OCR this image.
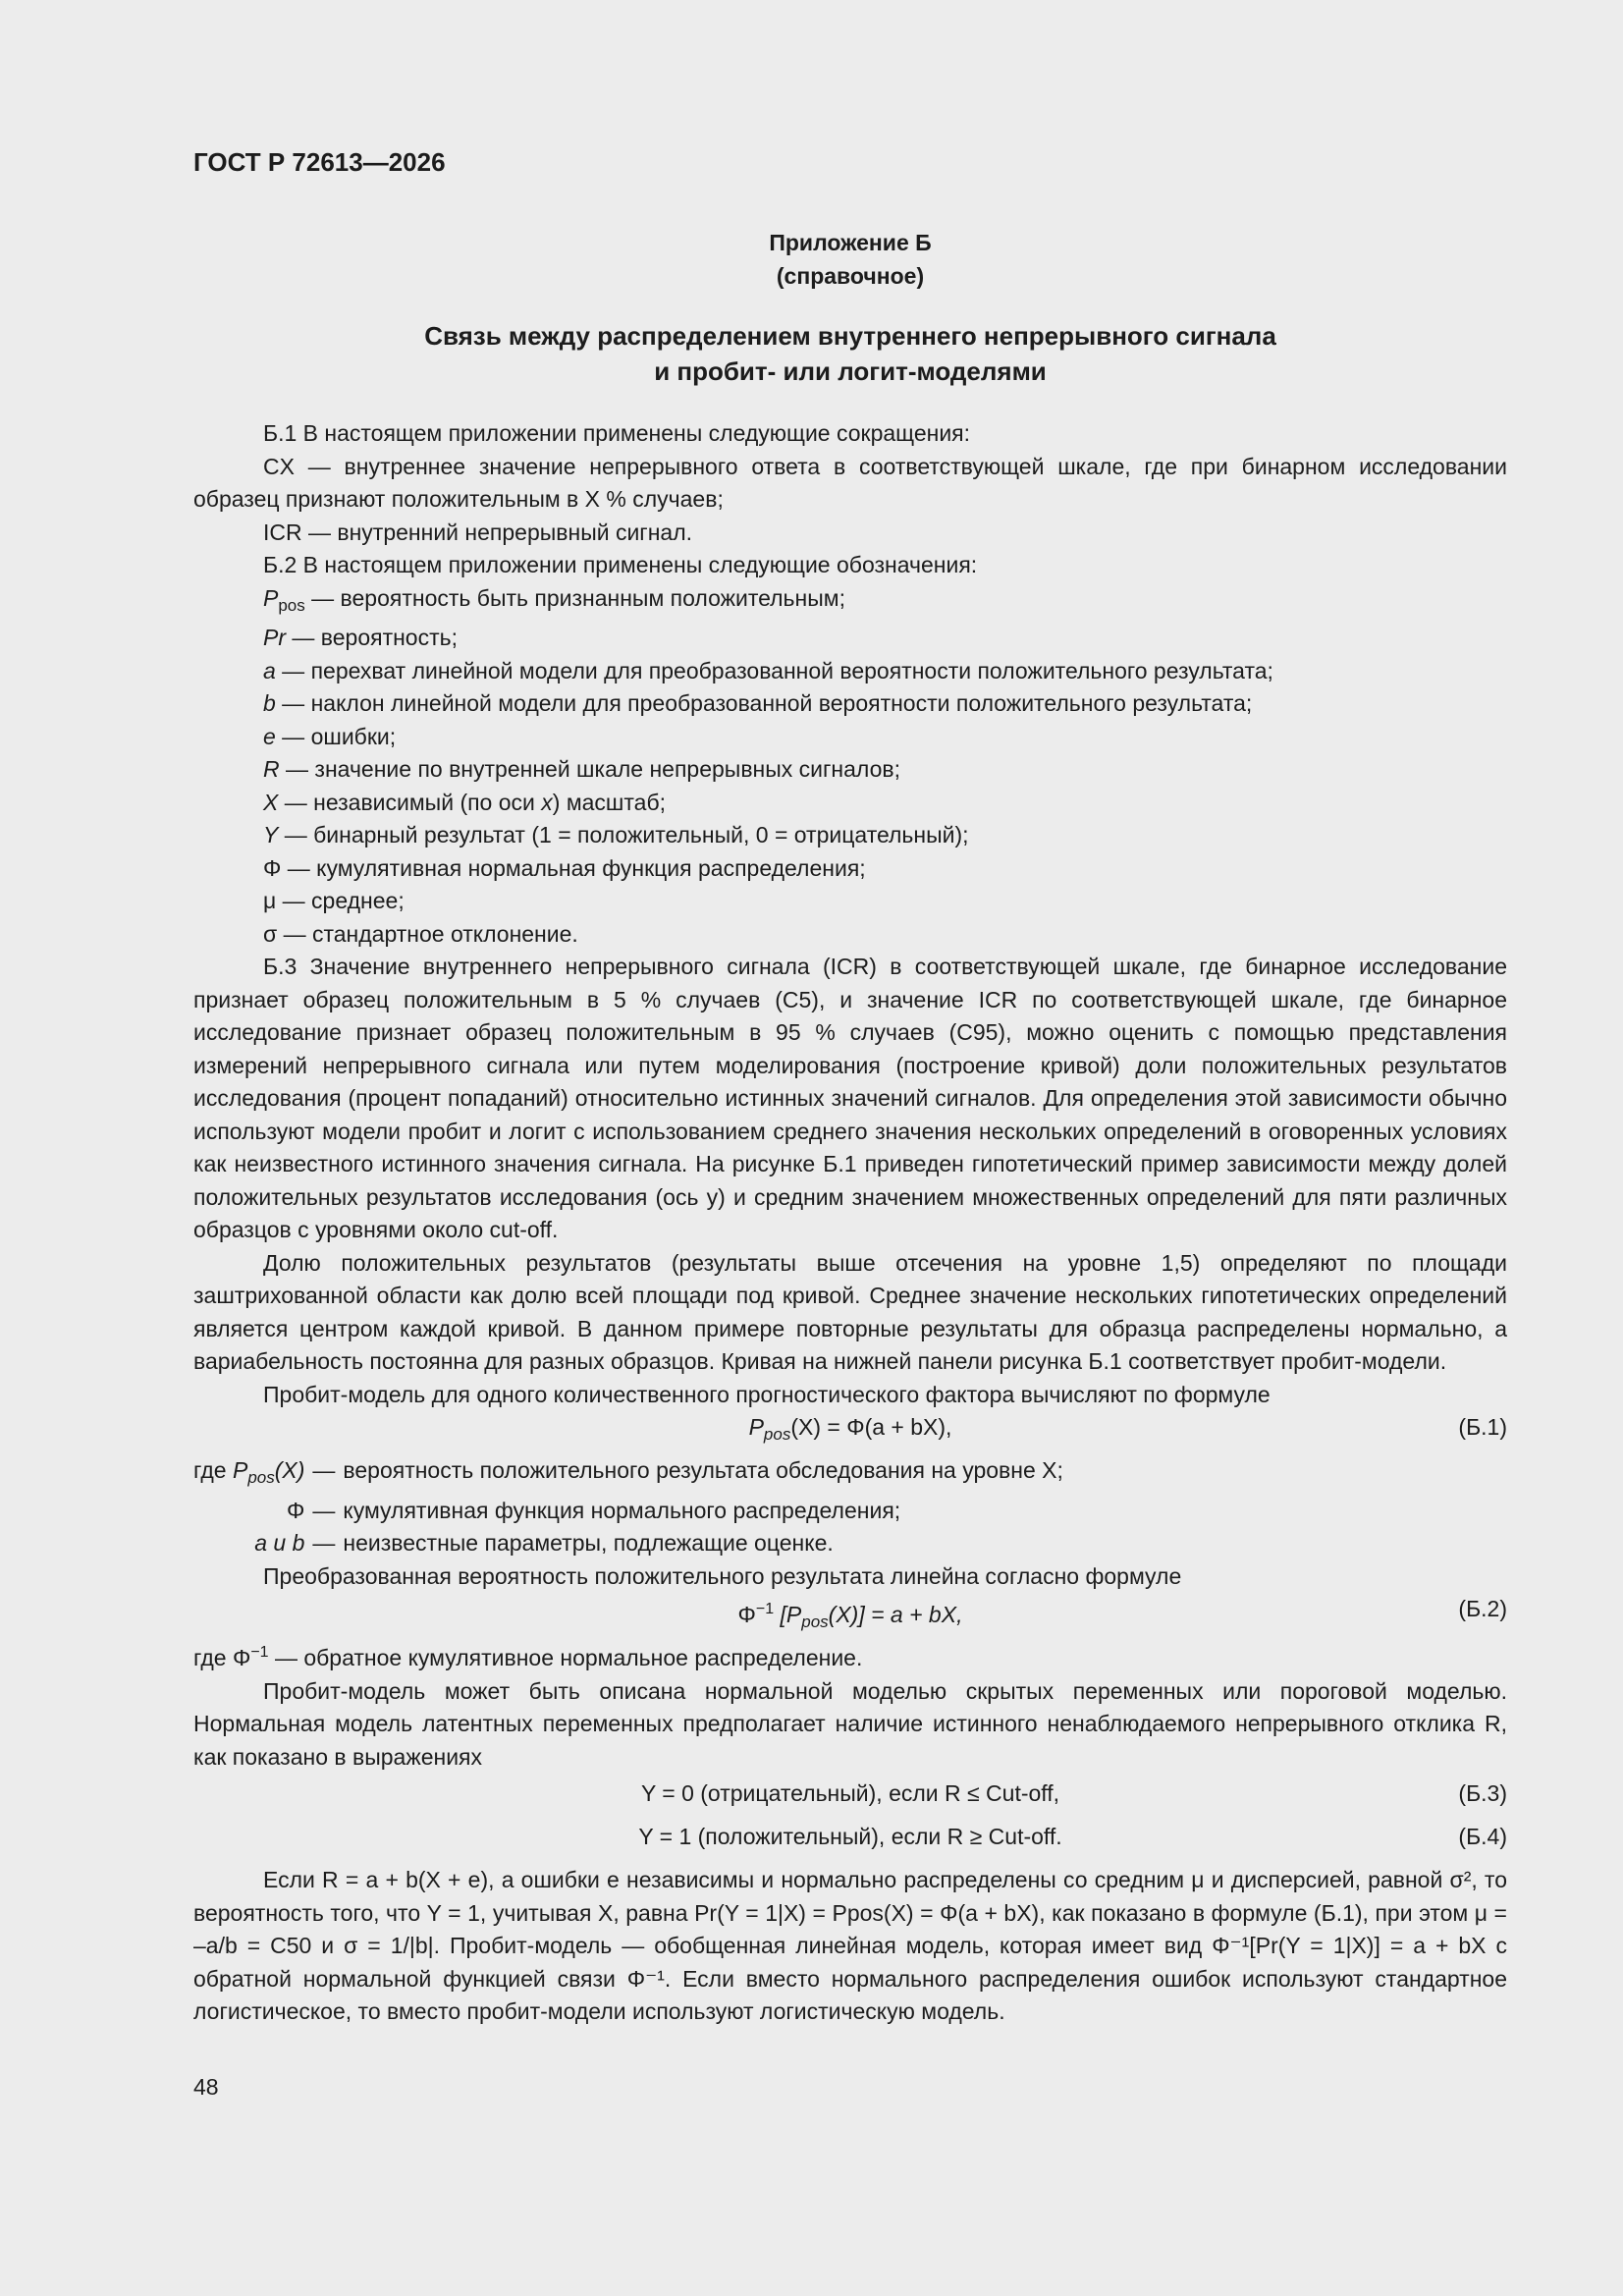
ГОСТ Р 72613—2026
Приложение Б
(справочное)
Связь между распределением внутреннего непрерывного сигнала
и пробит- или логит-моделями

Б.1 В настоящем приложении применены следующие сокращения:

CX — внутреннее значение непрерывного ответа в соответствующей шкале, где при бинарном исследовании образец признают положительным в X % случаев;

ICR — внутренний непрерывный сигнал.

Б.2 В настоящем приложении применены следующие обозначения:

$P_{pos}$ — вероятность быть признанным положительным;

Pr — вероятность;

a — перехват линейной модели для преобразованной вероятности положительного результата;

b — наклон линейной модели для преобразованной вероятности положительного результата;

e — ошибки;

R — значение по внутренней шкале непрерывных сигналов;

X — независимый (по оси x) масштаб;

Y — бинарный результат (1 = положительный, 0 = отрицательный);

Φ — кумулятивная нормальная функция распределения;

μ — среднее;

σ — стандартное отклонение.

Б.3 Значение внутреннего непрерывного сигнала (ICR) в соответствующей шкале, где бинарное исследование признает образец положительным в 5 % случаев (C5), и значение ICR по соответствующей шкале, где бинарное исследование признает образец положительным в 95 % случаев (C95), можно оценить с помощью представления измерений непрерывного сигнала или путем моделирования (построение кривой) доли положительных результатов исследования (процент попаданий) относительно истинных значений сигналов. Для определения этой зависимости обычно используют модели пробит и логит с использованием среднего значения нескольких определений в оговоренных условиях как неизвестного истинного значения сигнала. На рисунке Б.1 приведен гипотетический пример зависимости между долей положительных результатов исследования (ось y) и средним значением множественных определений для пяти различных образцов с уровнями около cut-off.

Долю положительных результатов (результаты выше отсечения на уровне 1,5) определяют по площади заштрихованной области как долю всей площади под кривой. Среднее значение нескольких гипотетических определений является центром каждой кривой. В данном примере повторные результаты для образца распределены нормально, а вариабельность постоянна для разных образцов. Кривая на нижней панели рисунка Б.1 соответствует пробит-модели.

Пробит-модель для одного количественного прогностического фактора вычисляют по формуле

$P_{pos}(X) = \Phi(a + bX)$,	(Б.1)
где $P_{pos}(X)$ — вероятность положительного результата обследования на уровне X;
Φ — кумулятивная функция нормального распределения;
a и b — неизвестные параметры, подлежащие оценке.

Преобразованная вероятность положительного результата линейна согласно формуле

$\Phi^{-1}$ $[P_{pos}(X)] = a$ + bX,	(Б.2)

где $\Phi^{-1}$ — обратное кумулятивное нормальное распределение.

Пробит-модель может быть описана нормальной моделью скрытых переменных или пороговой моделью. Нормальная модель латентных переменных предполагает наличие истинного ненаблюдаемого непрерывного отклика R, как показано в выражениях

Y = 0 (отрицательный), если R ≤ Cut-off,	(Б.3)
Y = 1 (положительный), если R ≥ Cut-off.	(Б.4)

Если R = a + b(X + e), а ошибки e независимы и нормально распределены со средним μ и дисперсией, равной σ², то вероятность того, что Y = 1, учитывая X, равна Pr(Y = 1|X) = Ppos(X) = Φ(a + bX), как показано в формуле (Б.1), при этом μ = –a/b = C50 и σ = 1/|b|. Пробит-модель — обобщенная линейная модель, которая имеет вид Φ⁻¹[Pr(Y = 1|X)] = a + bX с обратной нормальной функцией связи Φ⁻¹. Если вместо нормального распределения ошибок используют стандартное логистическое, то вместо пробит-модели используют логистическую модель.

48
